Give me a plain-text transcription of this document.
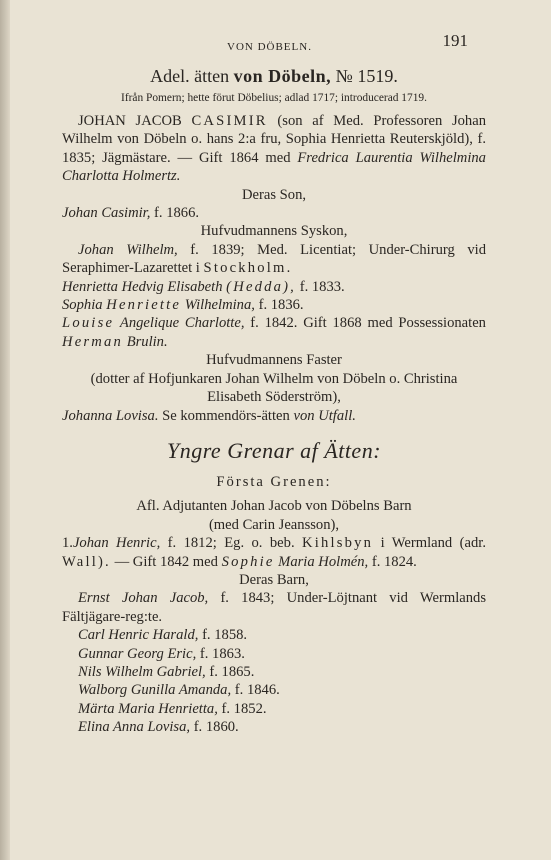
VON DÖBELN.	191

Adel. ätten von Döbeln, № 1519.

Ifrån Pomern; hette förut Döbelius; adlad 1717; introducerad 1719.

JOHAN JACOB CASIMIR (son af Med. Professoren Johan Wilhelm von Döbeln o. hans 2:a fru, Sophia Henrietta Reuterskjöld), f. 1835; Jägmästare. — Gift 1864 med Fredrica Laurentia Wilhelmina Charlotta Holmertz.

Deras Son,

Johan Casimir, f. 1866.

Hufvudmannens Syskon,

Johan Wilhelm, f. 1839; Med. Licentiat; Under-Chirurg vid Seraphimer-Lazarettet i Stockholm.

Henrietta Hedvig Elisabeth (Hedda), f. 1833.

Sophia Henriette Wilhelmina, f. 1836.

Louise Angelique Charlotte, f. 1842. Gift 1868 med Possessionaten Herman Brulin.

Hufvudmannens Faster

(dotter af Hofjunkaren Johan Wilhelm von Döbeln o. Christina Elisabeth Söderström),

Johanna Lovisa. Se kommendörs-ätten von Utfall.

Yngre Grenar af Ätten:

Första Grenen:

Afl. Adjutanten Johan Jacob von Döbelns Barn

(med Carin Jeansson),

1.Johan Henric, f. 1812; Eg. o. beb. Kihlsbyn i Wermland (adr. Wall). — Gift 1842 med Sophie Maria Holmén, f. 1824.

Deras Barn,

Ernst Johan Jacob, f. 1843; Under-Löjtnant vid Wermlands Fältjägare-reg:te.

Carl Henric Harald, f. 1858.

Gunnar Georg Eric, f. 1863.

Nils Wilhelm Gabriel, f. 1865.

Walborg Gunilla Amanda, f. 1846.

Märta Maria Henrietta, f. 1852.

Elina Anna Lovisa, f. 1860.
